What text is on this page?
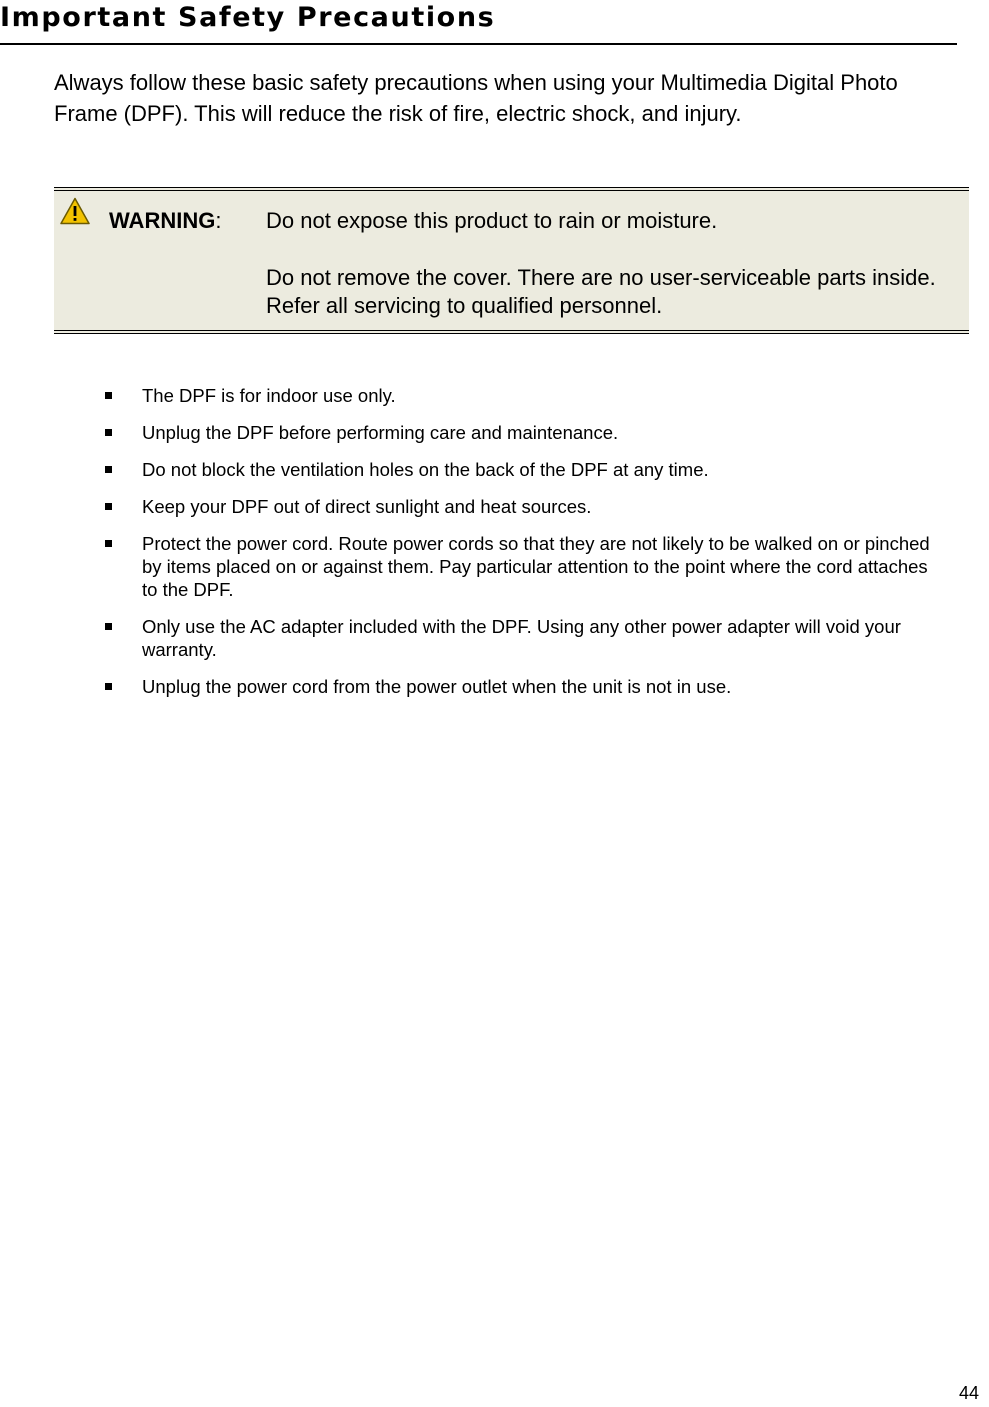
Important Safety Precautions

Always follow these basic safety precautions when using your Multimedia Digital Photo Frame (DPF). This will reduce the risk of fire, electric shock, and injury.

WARNING: Do not expose this product to rain or moisture.

Do not remove the cover. There are no user-serviceable parts inside. Refer all servicing to qualified personnel.

The DPF is for indoor use only.
Unplug the DPF before performing care and maintenance.
Do not block the ventilation holes on the back of the DPF at any time.
Keep your DPF out of direct sunlight and heat sources.
Protect the power cord. Route power cords so that they are not likely to be walked on or pinched by items placed on or against them. Pay particular attention to the point where the cord attaches to the DPF.
Only use the AC adapter included with the DPF. Using any other power adapter will void your warranty.
Unplug the power cord from the power outlet when the unit is not in use.
44
